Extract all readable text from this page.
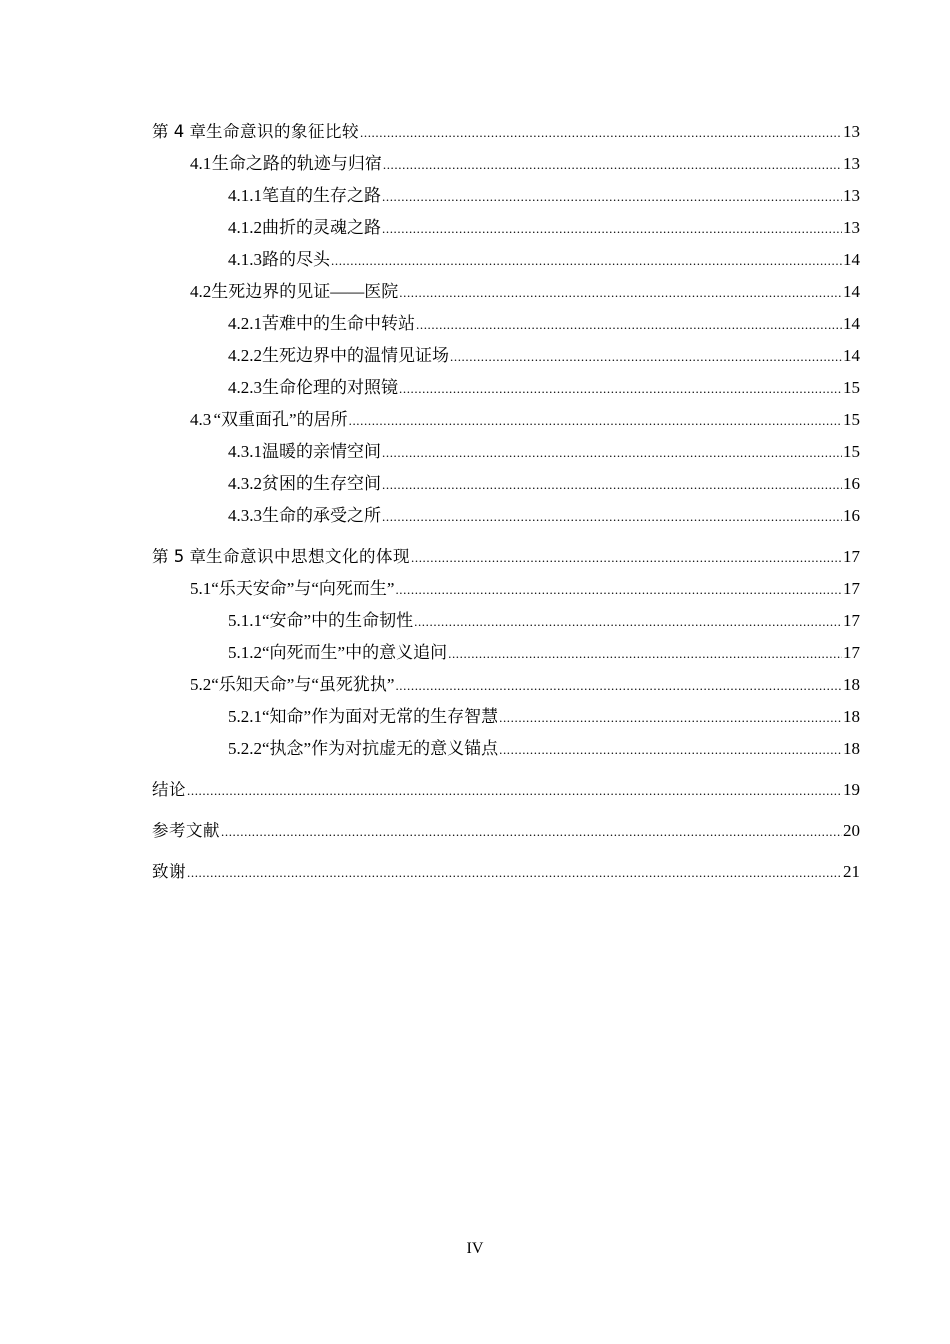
第 4 章 生命意识的象征比较 .....	13
4.1 生命之路的轨迹与归宿 .....	13
4.1.1 笔直的生存之路 .....	13
4.1.2 曲折的灵魂之路 .....	13
4.1.3 路的尽头 .....	14
4.2 生死边界的见证——医院 .....	14
4.2.1 苦难中的生命中转站 .....	14
4.2.2 生死边界中的温情见证场 .....	14
4.2.3 生命伦理的对照镜 .....	15
4.3 “双重面孔”的居所 .....	15
4.3.1 温暖的亲情空间 .....	15
4.3.2 贫困的生存空间 .....	16
4.3.3 生命的承受之所 .....	16
第 5 章 生命意识中思想文化的体现 .....	17
5.1 “乐天安命”与“向死而生” .....	17
5.1.1 “安命”中的生命韧性 .....	17
5.1.2 “向死而生”中的意义追问 .....	17
5.2 “乐知天命”与“虽死犹执” .....	18
5.2.1 “知命”作为面对无常的生存智慧 .....	18
5.2.2 “执念”作为对抗虚无的意义锚点 .....	18
结论 .....	19
参考文献 .....	20
致谢 .....	21
IV
